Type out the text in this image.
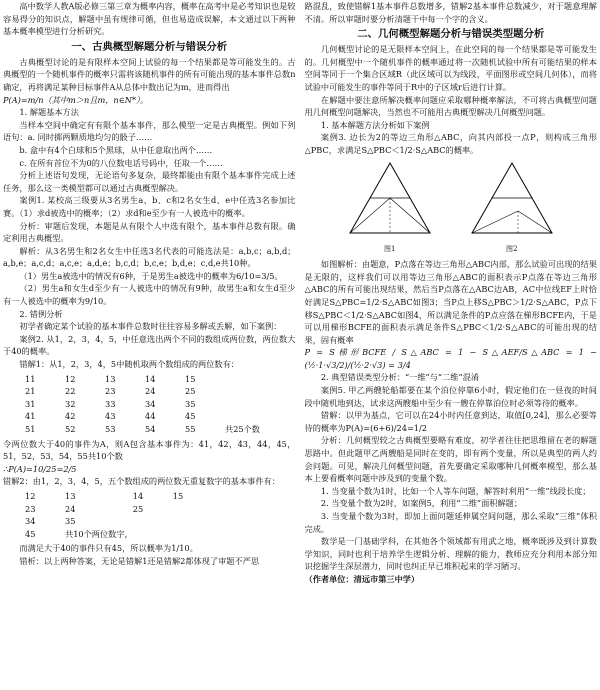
高中数学人教A版必修三第三章为概率内容，概率在高考中是必考知识也是较容易得分的知识点，解题中虽有规律可循，但也易造成误解，本文通过以下两种基本概率模型进行分析研究。

一、古典概型解题分析与错误分析

古典概型讨论的是有限样本空间上试验的每一个结果都是等可能发生的。古典概型的一个随机事件的概率只需将该随机事件的所有可能出现的基本事件总数n确定，再将满足某种目标事件A从总体中数出记为m，进而得出

P(A)=m/n（其中m＞n且m，n∈N*）。

1. 解题基本方法

当样本空间中确定有有限个基本事件，那么模型一定是古典概型。例如下列语句：a. 同时掷两颗质地均匀的骰子……

b. 盒中有4个白球和5个黑球，从中任意取出两个……

c. 在所有首位不为0的八位数电话号码中，任取一个……

分析上述语句发现，无论语句多复杂，最终都能由有限个基本事件完成上述任务，那么这一类模型都可以通过古典概型解决。

案例1. 某校高三级要从3名男生a、b、c和2名女生d、e中任选3名参加比赛。（1）求d被选中的概率；（2）求d和e至少有一人被选中的概率。

分析：审题后发现，本题是从有限个人中选有限个，基本事件总数有限。确定利用古典概型。

解析：从3名男生和2名女生中任选3名代表的可能选法是：a,b,c；a,b,d；a,b,e；a,c,d；a,c,e；a,d,e；b,c,d；b,c,e；b,d,e；c,d,e共10种。

（1）男生a被选中的情况有6种，于是男生a被选中的概率为6/10=3/5。

（2）男生a和女生d至少有一人被选中的情况有9种，故男生a和女生d至少有一人被选中的概率为9/10。

2. 错例分析

初学者确定某个试验的基本事件总数时往往容易多解或丢解，如下案例：

案例2. 从1，2，3，4，5，中任意选出两个不同的数组成两位数，两位数大于40的概率。

错解1：从1，2，3，4，5中随机取两个数组成的两位数有：

11	12	13	14	15	
21	22	23	24	25	
31	32	33	34	35	
41	42	43	44	45	
51	52	53	54	55	共25个数

令两位数大于40的事件为A，则A包含基本事件为：41，42，43，44，45，51，52，53，54，55共10个数

∴P(A)=10/25=2/5

错解2：由1，2，3，4，5，五个数组成的两位数无重复数字的基本事件有：

12	13	14	15
23	24	25	
34	35		
45	共10个两位数字，		

而满足大于40的事件只有45，所以概率为1/10。

错析：以上两种答案，无论是错解1还是错解2都体现了审题不严思

路混乱，致使错解1基本事件总数增多，错解2基本事件总数减少，对于题意理解不清。所以审题时要分析清题干中每一个字的含义。

二、几何概型解题分析与错误类型题分析

几何概型讨论的是无限样本空间上，在此空间的每一个结果都是等可能发生的。几何概型中一个随机事件的概率通过将一次随机试验中所有可能结果的样本空间等同于一个集合区域R（此区域可以为线段，平面图形或空间几何体），而将试验中可能发生的事件等同于R中的子区域r后进行计算。

在解题中要注意所解决概率问题应采取哪种概率解法，不可将古典概型问题用几何概型问题解决，当然也不可能用古典概型解决几何概型问题。

1. 基本解题方法分析如下案例

案例3. 边长为2的等边三角形△ABC，向其内部投一点P，则构成三角形△PBC，求满足S△PBC＜1/2·S△ABC的概率。

图1	图2

如图解析：由题意，P点落在等边三角形△ABC内部，那么试验可出现的结果是无限的，这样我们可以用等边三角形△ABC的面积表示P点落在等边三角形△ABC的所有可能出现结果，然后当P点落在△ABC边AB，AC中位线EF上时恰好满足S△PBC=1/2·S△ABC如图3；当P点上移S△PBC＞1/2·S△ABC，P点下移S△PBC＜1/2·S△ABC如图4，所以满足条件的P点应落在梯形BCFE内，于是可以用梯形BCFE的面积表示满足条件S△PBC＜1/2·S△ABC的可能出现的结果，固有概率

P = S梯形BCFE / S△ABC = 1 − S△AEF/S△ABC = 1 − (½·1·√3/2)/(½·2·√3) = 3/4

2. 典型错误类型分析：“一维”与“二维”混淆

案例5. 甲乙两艘轮船都要在某个泊位停靠6小时，假定他们在一昼夜的时间段中随机地到达，试求这两艘船中至少有一艘在停靠泊位时必须等待的概率。

错解：以甲为基点，它可以在24小时内任意到达，取值[0,24]，那么必要等待的概率为P(A)=(6+6)/24=1/2

分析：几何概型较之古典概型要略有难度，初学者往往把思维留在老的解题思路中。但此题甲乙两艘船是同时在变的，即有两个变量，所以是典型的两人约会问题。可见，解决几何概型问题，首先要确定采取哪种几何概率模型，那么基本上要看概率问题中涉及到的变量个数。

1. 当变量个数为1时，比如一个人等车问题，解答时利用“一维”线段长度；

2. 当变量个数为2时，如案例5，利用“二维”面积解题；

3. 当变量个数为3时，即加上面问题延伸属空间问题，那么采取“三维”体积完成。

数学是一门基础学科，在其他各个领域都有用武之地，概率既涉及到计算数学知识，同时也利于培养学生逻辑分析、理解的能力，教师应充分利用本部分知识挖掘学生深层潜力，同时也纠正早已堆积起来的学习陋习。

（作者单位：清远市第三中学）
